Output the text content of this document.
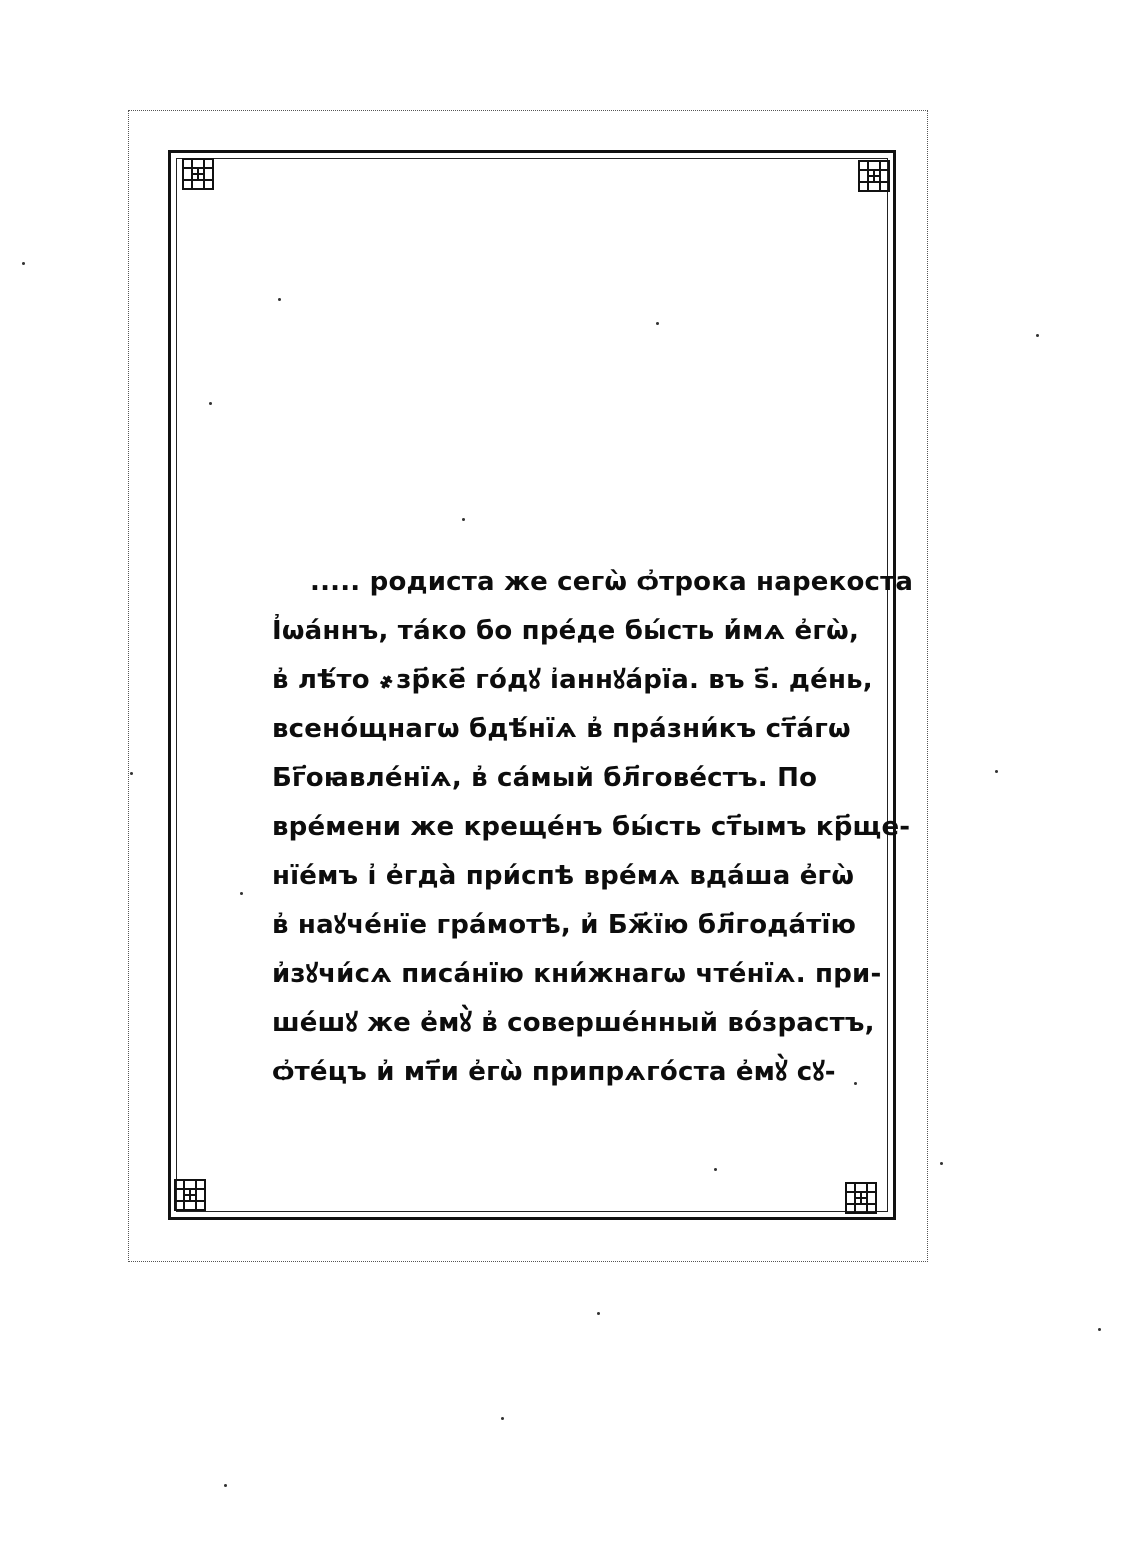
..... родиста же сегѡ̀ ѻ҆трока нарекоста
І҆ѡа́ннъ, та́ко бо пре́де бы́сть и҆́мѧ е҆гѡ̀,
в҆ лѣ́то ҂зр҃ке҃ го́дꙋ і҆аннꙋа́рїа. въ ѕ҃. де́нь,
всено́щнагѡ бдѣ́нїѧ в҆ пра́зни́къ ст҃а́гѡ
Бг҃оꙗвле́нїѧ, в҆ са́мый бл҃гове́стъ. По
вре́мени же креще́нъ бы́сть ст҃ымъ кр҃ще-
нїе́мъ і҆ е҆гда̀ при́спѣ вре́мѧ вда́ша е҆гѡ̀
в҆ наꙋче́нїе гра́мотѣ, и҆ Бж҃їю бл҃года́тїю
и҆зꙋчи́сѧ писа́нїю кни́жнагѡ чте́нїѧ. при-
ше́шꙋ же е҆мꙋ̀ в҆ соверше́нный во́зрастъ,
ѻ҆те́цъ и҆ мт҃и е҆гѡ̀ припрѧго́ста е҆мꙋ̀ сꙋ-
